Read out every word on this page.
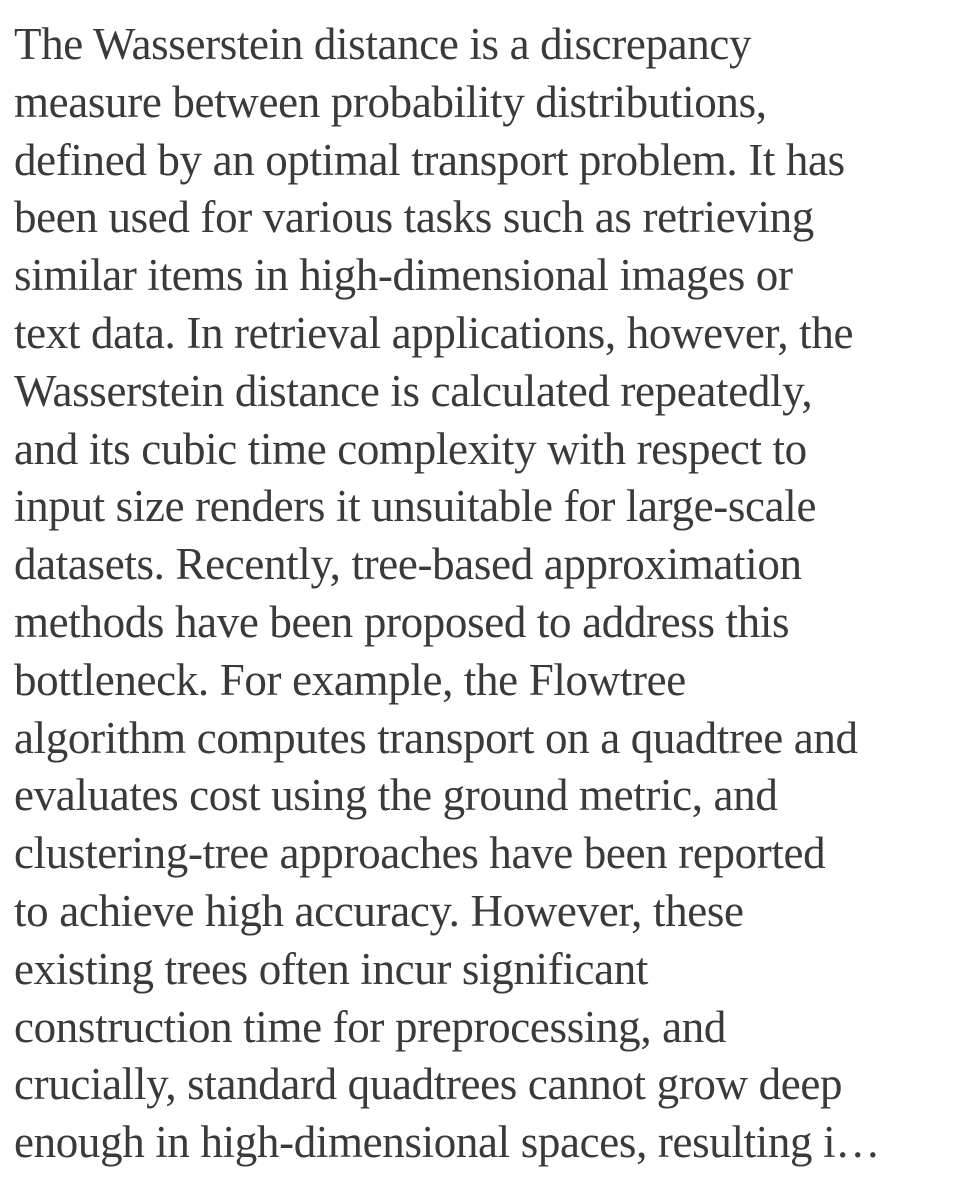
The Wasserstein distance is a discrepancy
measure between probability distributions,
defined by an optimal transport problem. It has
been used for various tasks such as retrieving
similar items in high-dimensional images or
text data. In retrieval applications, however, the
Wasserstein distance is calculated repeatedly,
and its cubic time complexity with respect to
input size renders it unsuitable for large-scale
datasets. Recently, tree-based approximation
methods have been proposed to address this
bottleneck. For example, the Flowtree
algorithm computes transport on a quadtree and
evaluates cost using the ground metric, and
clustering-tree approaches have been reported
to achieve high accuracy. However, these
existing trees often incur significant
construction time for preprocessing, and
crucially, standard quadtrees cannot grow deep
enough in high-dimensional spaces, resulting i…
